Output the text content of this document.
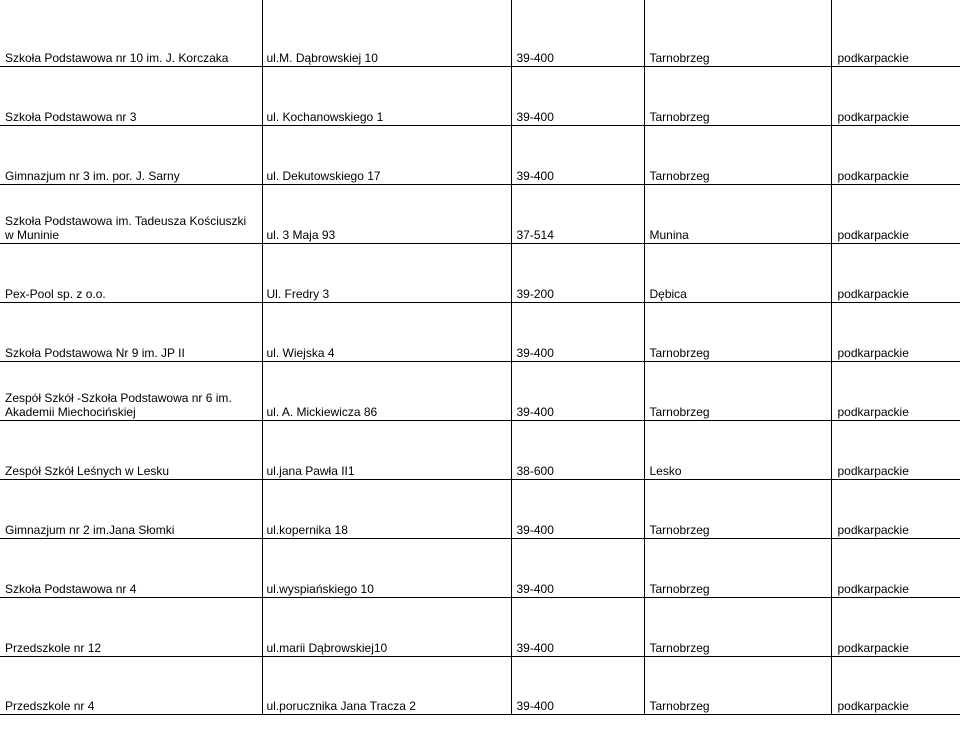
Szkoła Podstawowa nr 10 im. J. Korczaka	ul.M. Dąbrowskiej 10	39-400	Tarnobrzeg	podkarpackie
Szkoła Podstawowa nr 3	ul. Kochanowskiego 1	39-400	Tarnobrzeg	podkarpackie
Gimnazjum nr 3 im. por. J. Sarny	ul. Dekutowskiego 17	39-400	Tarnobrzeg	podkarpackie
Szkoła Podstawowa im. Tadeusza Kościuszki w Muninie	ul. 3 Maja 93	37-514	Munina	podkarpackie
Pex-Pool sp. z o.o.	Ul. Fredry 3	39-200	Dębica	podkarpackie
Szkoła Podstawowa Nr 9 im. JP II	ul. Wiejska 4	39-400	Tarnobrzeg	podkarpackie
Zespół Szkół -Szkoła Podstawowa nr 6 im. Akademii Miechocińskiej	ul. A. Mickiewicza 86	39-400	Tarnobrzeg	podkarpackie
Zespół Szkół Leśnych w Lesku	ul.jana Pawła II1	38-600	Lesko	podkarpackie
Gimnazjum nr 2 im.Jana Słomki	ul.kopernika 18	39-400	Tarnobrzeg	podkarpackie
Szkoła Podstawowa nr 4	ul.wyspiańskiego 10	39-400	Tarnobrzeg	podkarpackie
Przedszkole nr 12	ul.marii Dąbrowskiej10	39-400	Tarnobrzeg	podkarpackie
Przedszkole nr 4	ul.porucznika Jana Tracza 2	39-400	Tarnobrzeg	podkarpackie
